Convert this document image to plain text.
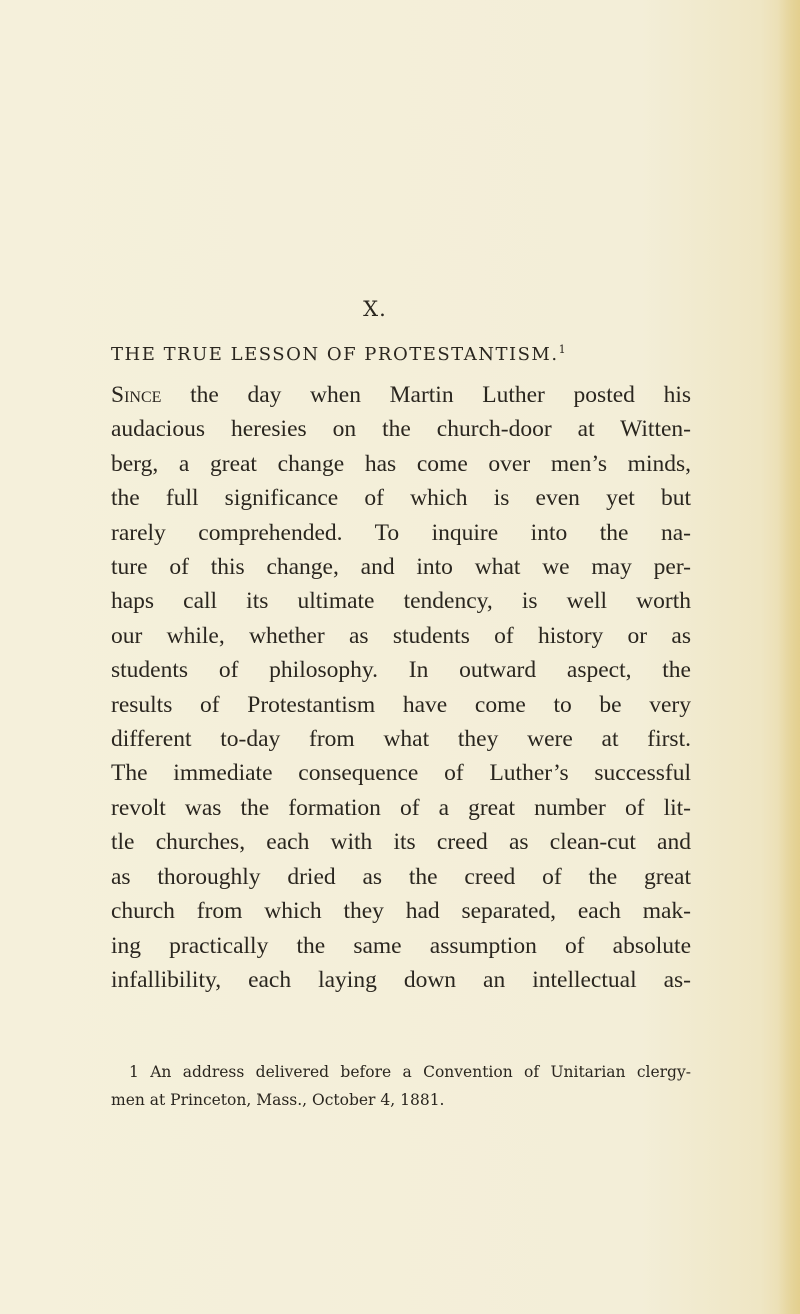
X.
THE TRUE LESSON OF PROTESTANTISM.$^1$
Since the day when Martin Luther posted his
audacious heresies on the church-door at Witten-
berg, a great change has come over men’s minds,
the full significance of which is even yet but
rarely comprehended. To inquire into the na-
ture of this change, and into what we may per-
haps call its ultimate tendency, is well worth
our while, whether as students of history or as
students of philosophy. In outward aspect, the
results of Protestantism have come to be very
different to-day from what they were at first.
The immediate consequence of Luther’s successful
revolt was the formation of a great number of lit-
tle churches, each with its creed as clean-cut and
as thoroughly dried as the creed of the great
church from which they had separated, each mak-
ing practically the same assumption of absolute
infallibility, each laying down an intellectual as-
1 An address delivered before a Convention of Unitarian clergy-
men at Princeton, Mass., October 4, 1881.
